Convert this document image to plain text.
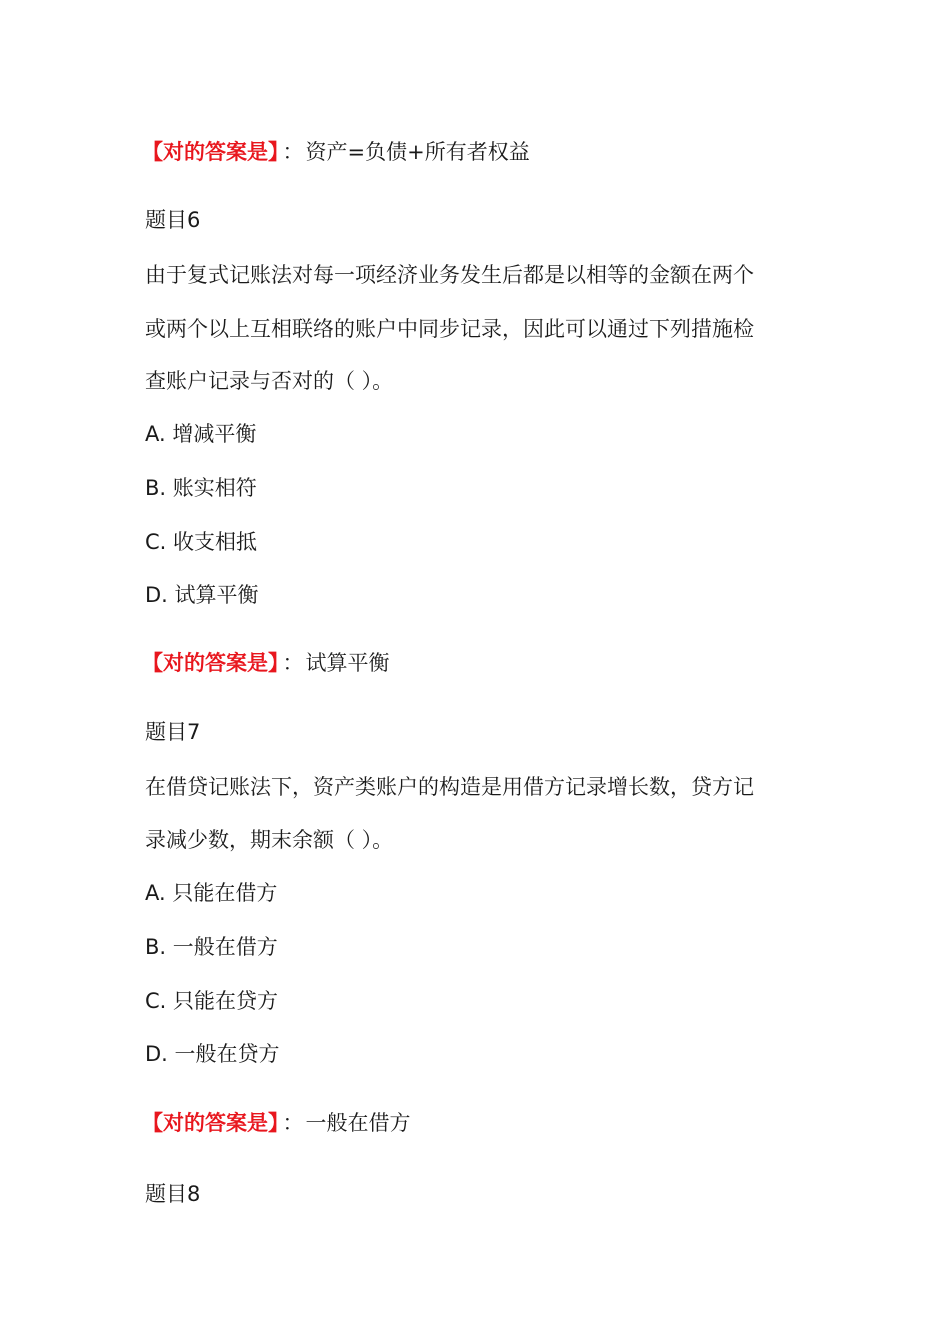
【对的答案是】 ：资产=负债+所有者权益
题目6
由于复式记账法对每一项经济业务发生后都是以相等的金额在两个
或两个以上互相联络的账户中同步记录，因此可以通过下列措施检
查账户记录与否对的（ ）。
A. 增减平衡
B. 账实相符
C. 收支相抵
D. 试算平衡
【对的答案是】 ：试算平衡
题目7
在借贷记账法下，资产类账户的构造是用借方记录增长数，贷方记
录减少数，期末余额（ ）。
A. 只能在借方
B. 一般在借方
C. 只能在贷方
D. 一般在贷方
【对的答案是】 ：一般在借方
题目8
